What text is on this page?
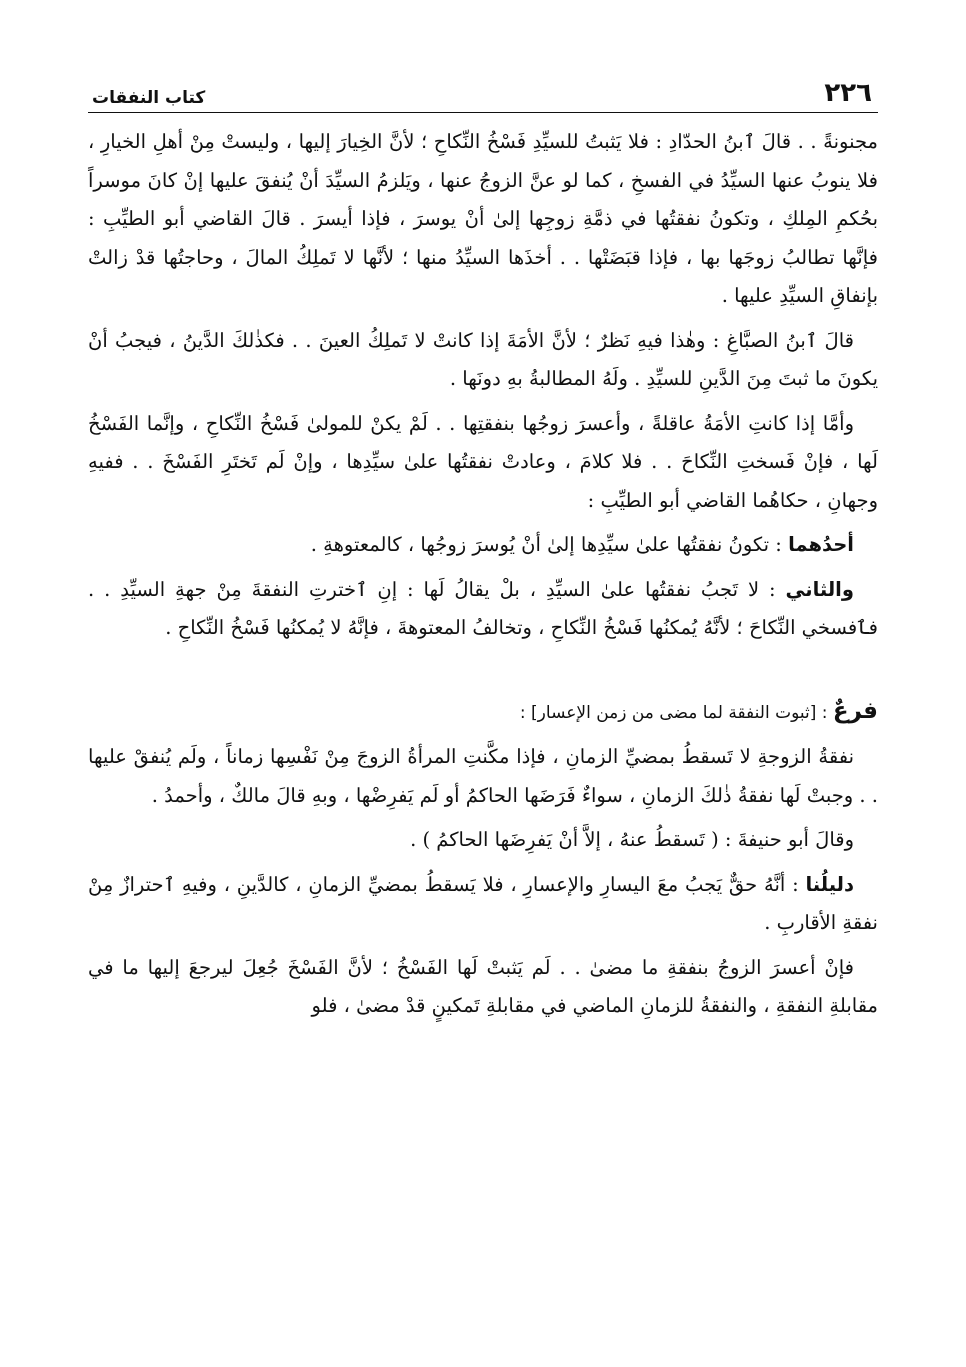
٢٢٦
كتاب النفقات

مجنونةً . . قالَ ٱبنُ الحدّادِ : فلا يَثبتُ للسيِّدِ فَسْخُ النِّكاحِ ؛ لأنَّ الخِيارَ إليها ، وليستْ مِنْ أهلِ الخيارِ ، فلا ينوبُ عنها السيِّدُ في الفسخِ ، كما لو عنَّ الزوجُ عنها ، ويَلزمُ السيِّدَ أنْ يُنفقَ عليها إنْ كانَ موسراً بحُكمِ المِلكِ ، وتكونُ نفقتُها في ذمَّةِ زوجِها إلىٰ أنْ يوسرَ ، فإذا أيسرَ . قالَ القاضي أبو الطيِّبِ : فإنَّها تطالبُ زوجَها بها ، فإذا قبَضَتْها . . أخذَها السيِّدُ منها ؛ لأنَّها لا تَملِكُ المالَ ، وحاجتُها قدْ زالتْ بإنفاقِ السيِّدِ عليها .

قالَ ٱبنُ الصبَّاغِ : وهٰذا فيهِ نَظرٌ ؛ لأنَّ الأمَةَ إذا كانتْ لا تَملِكُ العينَ . . فكذٰلكَ الدَّينُ ، فيجبُ أنْ يكونَ ما ثبتَ مِنَ الدَّينِ للسيِّدِ . ولَهُ المطالبةُ بهِ دونَها .

وأمَّا إذا كانتِ الأمَةُ عاقلةً ، وأعسرَ زوجُها بنفقتِها . . لَمْ يكنْ للمولىٰ فَسْخُ النِّكاحِ ، وإنَّما الفَسْخُ لَها ، فإنْ فَسختِ النِّكاحَ . . فلا كلامَ ، وعادتْ نفقتُها علىٰ سيِّدِها ، وإنْ لَم تَختَرِ الفَسْخَ . . ففيهِ وجهانِ ، حكاهُما القاضي أبو الطيِّبِ :

أحدُهما : تكونُ نفقتُها علىٰ سيِّدِها إلىٰ أنْ يُوسرَ زوجُها ، كالمعتوهةِ .

والثاني : لا تَجبُ نفقتُها علىٰ السيِّدِ ، بلْ يقالُ لَها : إنِ ٱخترتِ النفقةَ مِنْ جهةِ السيِّدِ . . فٱفسخي النِّكاحَ ؛ لأنَّهُ يُمكنُها فَسْخُ النِّكاحِ ، وتخالفُ المعتوهةَ ، فإنَّهُ لا يُمكنُها فَسْخُ النِّكاحِ .

فرعٌ : [ثبوت النفقة لما مضى من زمن الإعسار] :

نفقةُ الزوجةِ لا تَسقطُ بمضيِّ الزمانِ ، فإذا مكَّنتِ المرأةُ الزوجَ مِنْ نَفْسِها زماناً ، ولَم يُنفقْ عليها . . وجبتْ لَها نفقةُ ذٰلكَ الزمانِ ، سواءٌ فَرَضَها الحاكمُ أو لَم يَفرِضْها ، وبهِ قالَ مالكٌ ، وأحمدُ .

وقالَ أبو حنيفةَ : ( تَسقطُ عنهُ ، إلاَّ أنْ يَفرِضَها الحاكمُ ) .

دليلُنا : أنَّهُ حقٌّ يَجبُ معَ اليسارِ والإعسارِ ، فلا يَسقطُ بمضيِّ الزمانِ ، كالدَّينِ ، وفيهِ ٱحترازٌ مِنْ نفقةِ الأقاربِ .

فإنْ أعسرَ الزوجُ بنفقةِ ما مضىٰ . . لَم يَثبتْ لَها الفَسْخُ ؛ لأنَّ الفَسْخَ جُعِلَ ليرجعَ إليها ما في مقابلةِ النفقةِ ، والنفقةُ للزمانِ الماضي في مقابلةِ تَمكينٍ قدْ مضىٰ ، فلو
